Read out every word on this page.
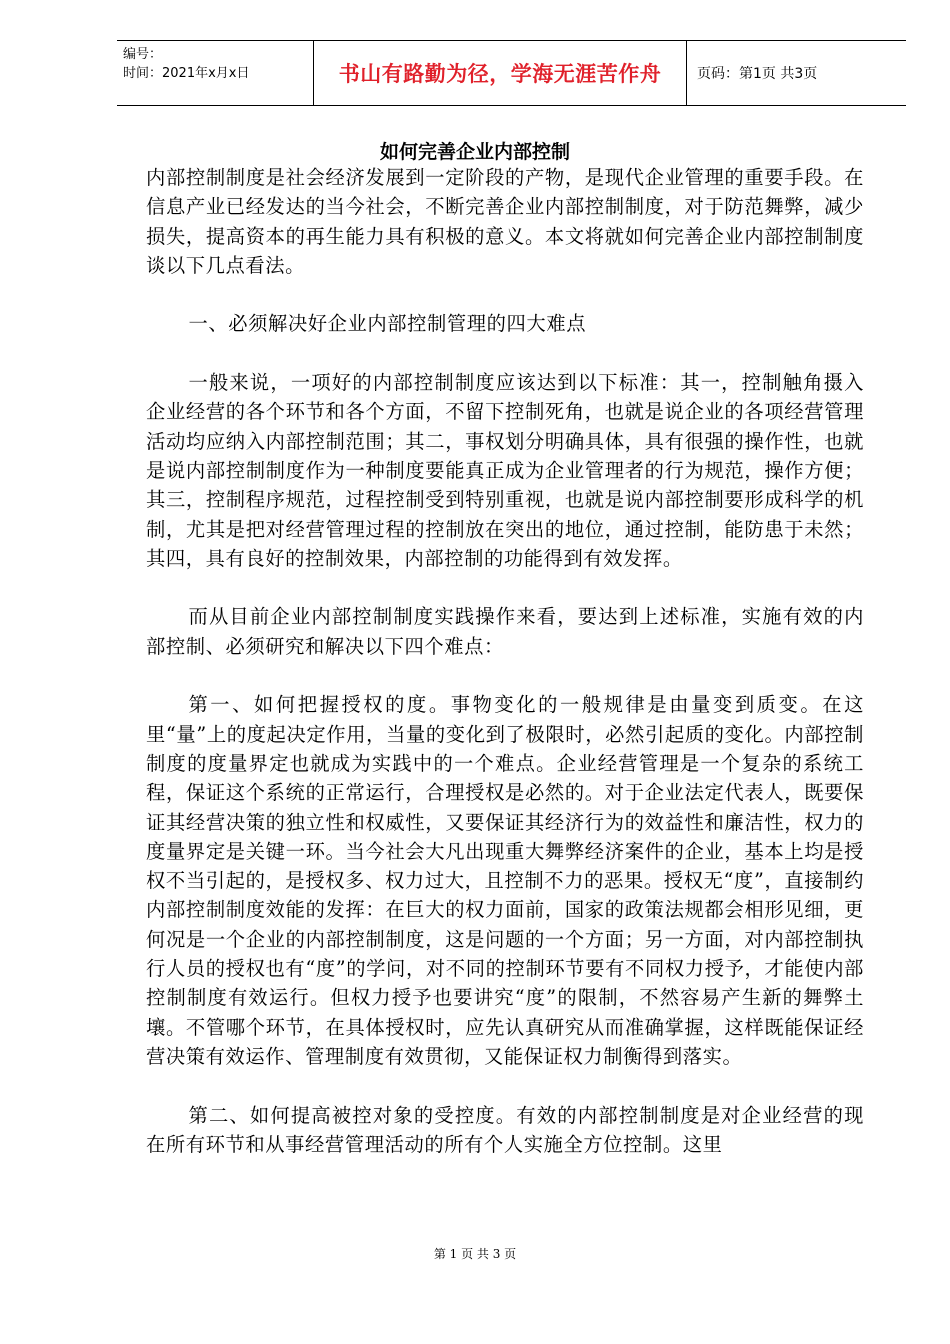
编号：
时间：2021年x月x日	书山有路勤为径，学海无涯苦作舟	页码：第1页 共3页
如何完善企业内部控制

内部控制制度是社会经济发展到一定阶段的产物，是现代企业管理的重要手段。在信息产业已经发达的当今社会，不断完善企业内部控制制度，对于防范舞弊，减少损失，提高资本的再生能力具有积极的意义。本文将就如何完善企业内部控制制度谈以下几点看法。

一、必须解决好企业内部控制管理的四大难点

一般来说，一项好的内部控制制度应该达到以下标准：其一，控制触角摄入企业经营的各个环节和各个方面，不留下控制死角，也就是说企业的各项经营管理活动均应纳入内部控制范围；其二，事权划分明确具体，具有很强的操作性，也就是说内部控制制度作为一种制度要能真正成为企业管理者的行为规范，操作方便；其三，控制程序规范，过程控制受到特别重视，也就是说内部控制要形成科学的机制，尤其是把对经营管理过程的控制放在突出的地位，通过控制，能防患于未然；其四，具有良好的控制效果，内部控制的功能得到有效发挥。

而从目前企业内部控制制度实践操作来看，要达到上述标准，实施有效的内部控制、必须研究和解决以下四个难点：

第一、如何把握授权的度。事物变化的一般规律是由量变到质变。在这里“量”上的度起决定作用，当量的变化到了极限时，必然引起质的变化。内部控制制度的度量界定也就成为实践中的一个难点。企业经营管理是一个复杂的系统工程，保证这个系统的正常运行，合理授权是必然的。对于企业法定代表人，既要保证其经营决策的独立性和权威性，又要保证其经济行为的效益性和廉洁性，权力的度量界定是关键一环。当今社会大凡出现重大舞弊经济案件的企业，基本上均是授权不当引起的，是授权多、权力过大，且控制不力的恶果。授权无“度”，直接制约内部控制制度效能的发挥：在巨大的权力面前，国家的政策法规都会相形见细，更何况是一个企业的内部控制制度，这是问题的一个方面；另一方面，对内部控制执行人员的授权也有“度”的学问，对不同的控制环节要有不同权力授予，才能使内部控制制度有效运行。但权力授予也要讲究“度”的限制，不然容易产生新的舞弊土壤。不管哪个环节，在具体授权时，应先认真研究从而准确掌握，这样既能保证经营决策有效运作、管理制度有效贯彻，又能保证权力制衡得到落实。

第二、如何提高被控对象的受控度。有效的内部控制制度是对企业经营的现在所有环节和从事经营管理活动的所有个人实施全方位控制。这里

第 1 页 共 3 页
